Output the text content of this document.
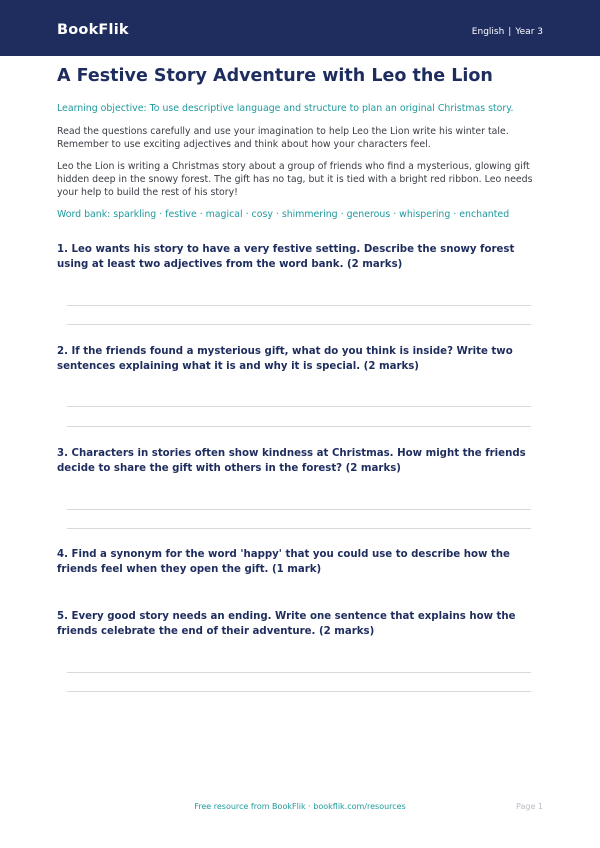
BookFlik	English | Year 3
A Festive Story Adventure with Leo the Lion

Learning objective: To use descriptive language and structure to plan an original Christmas story.

Read the questions carefully and use your imagination to help Leo the Lion write his winter tale. Remember to use exciting adjectives and think about how your characters feel.

Leo the Lion is writing a Christmas story about a group of friends who find a mysterious, glowing gift hidden deep in the snowy forest. The gift has no tag, but it is tied with a bright red ribbon. Leo needs your help to build the rest of his story!

Word bank: sparkling · festive · magical · cosy · shimmering · generous · whispering · enchanted

1. Leo wants his story to have a very festive setting. Describe the snowy forest using at least two adjectives from the word bank. (2 marks)

2. If the friends found a mysterious gift, what do you think is inside? Write two sentences explaining what it is and why it is special. (2 marks)

3. Characters in stories often show kindness at Christmas. How might the friends decide to share the gift with others in the forest? (2 marks)

4. Find a synonym for the word 'happy' that you could use to describe how the friends feel when they open the gift. (1 mark)

5. Every good story needs an ending. Write one sentence that explains how the friends celebrate the end of their adventure. (2 marks)

Free resource from BookFlik · bookflik.com/resources	Page 1
